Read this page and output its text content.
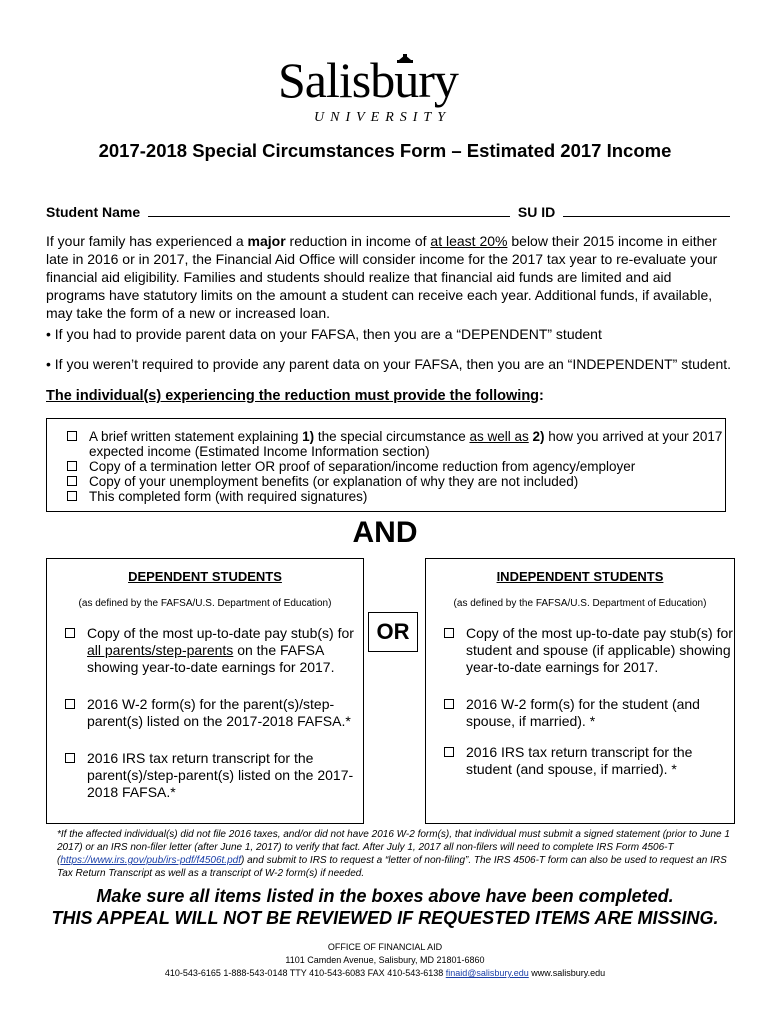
Salisbury
UNIVERSITY
2017-2018 Special Circumstances Form – Estimated 2017 Income
Student Name	SU ID
If your family has experienced a major reduction in income of at least 20% below their 2015 income in either late in 2016 or in 2017, the Financial Aid Office will consider income for the 2017 tax year to re-evaluate your financial aid eligibility. Families and students should realize that financial aid funds are limited and aid programs have statutory limits on the amount a student can receive each year. Additional funds, if available, may take the form of a new or increased loan.
• If you had to provide parent data on your FAFSA, then you are a “DEPENDENT” student
• If you weren’t required to provide any parent data on your FAFSA, then you are an “INDEPENDENT” student.
The individual(s) experiencing the reduction must provide the following:
A brief written statement explaining 1) the special circumstance as well as 2) how you arrived at your 2017 expected income (Estimated Income Information section)
Copy of a termination letter OR proof of separation/income reduction from agency/employer
Copy of your unemployment benefits (or explanation of why they are not included)
This completed form (with required signatures)
AND
DEPENDENT STUDENTS
(as defined by the FAFSA/U.S. Department of Education)
Copy of the most up-to-date pay stub(s) for all parents/step-parents on the FAFSA showing year-to-date earnings for 2017.
2016 W-2 form(s) for the parent(s)/step-parent(s) listed on the 2017-2018 FAFSA.*
2016 IRS tax return transcript for the parent(s)/step-parent(s) listed on the 2017-2018 FAFSA.*
OR
INDEPENDENT STUDENTS
(as defined by the FAFSA/U.S. Department of Education)
Copy of the most up-to-date pay stub(s) for student and spouse (if applicable) showing year-to-date earnings for 2017.
2016 W-2 form(s) for the student (and spouse, if married). *
2016 IRS tax return transcript for the student (and spouse, if married). *
*If the affected individual(s) did not file 2016 taxes, and/or did not have 2016 W-2 form(s), that individual must submit a signed statement (prior to June 1 2017) or an IRS non-filer letter (after June 1, 2017) to verify that fact. After July 1, 2017 all non-filers will need to complete IRS Form 4506-T (https://www.irs.gov/pub/irs-pdf/f4506t.pdf) and submit to IRS to request a “letter of non-filing”. The IRS 4506-T form can also be used to request an IRS Tax Return Transcript as well as a transcript of W-2 form(s) if needed.
Make sure all items listed in the boxes above have been completed.
THIS APPEAL WILL NOT BE REVIEWED IF REQUESTED ITEMS ARE MISSING.
OFFICE OF FINANCIAL AID
1101 Camden Avenue, Salisbury, MD 21801-6860
410-543-6165 1-888-543-0148 TTY 410-543-6083 FAX 410-543-6138 finaid@salisbury.edu www.salisbury.edu
